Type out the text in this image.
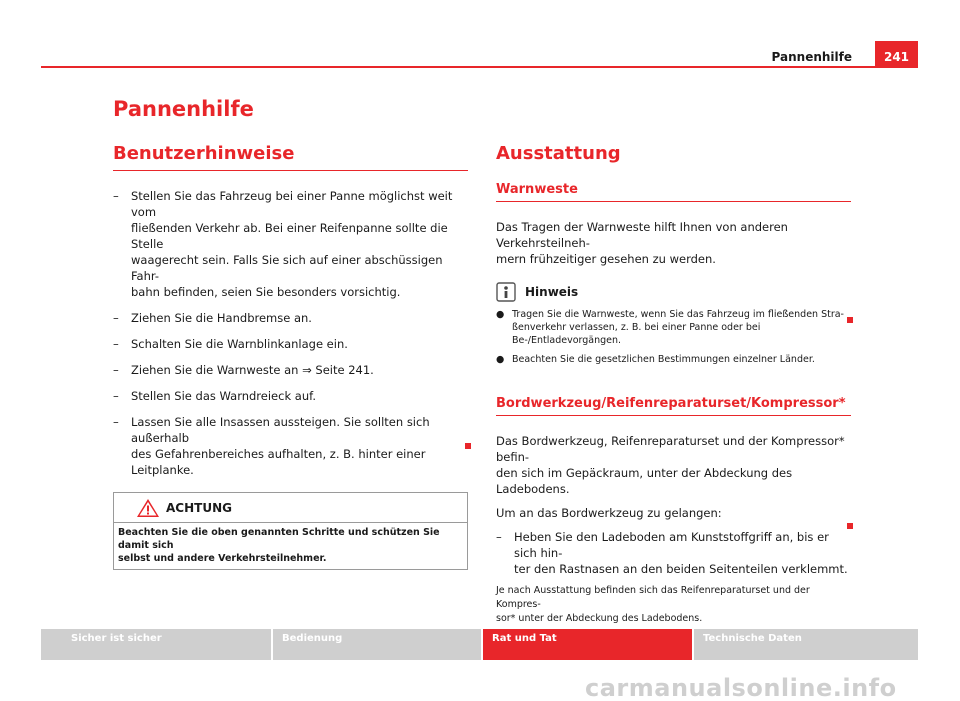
Pannenhilfe	241
Pannenhilfe
Benutzerhinweise
– Stellen Sie das Fahrzeug bei einer Panne möglichst weit vom
fließenden Verkehr ab. Bei einer Reifenpanne sollte die Stelle
waagerecht sein. Falls Sie sich auf einer abschüssigen Fahr-
bahn befinden, seien Sie besonders vorsichtig.
– Ziehen Sie die Handbremse an.
– Schalten Sie die Warnblinkanlage ein.
– Ziehen Sie die Warnweste an ⇒ Seite 241.
– Stellen Sie das Warndreieck auf.
– Lassen Sie alle Insassen aussteigen. Sie sollten sich außerhalb
des Gefahrenbereiches aufhalten, z. B. hinter einer Leitplanke.
ACHTUNG
Beachten Sie die oben genannten Schritte und schützen Sie damit sich
selbst und andere Verkehrsteilnehmer.
Ausstattung
Warnweste

Das Tragen der Warnweste hilft Ihnen von anderen Verkehrsteilneh-
mern frühzeitiger gesehen zu werden.

Hinweis
● Tragen Sie die Warnweste, wenn Sie das Fahrzeug im fließenden Stra-
ßenverkehr verlassen, z. B. bei einer Panne oder bei Be-/Entladevorgängen.
● Beachten Sie die gesetzlichen Bestimmungen einzelner Länder.
Bordwerkzeug/Reifenreparaturset/Kompressor*

Das Bordwerkzeug, Reifenreparaturset und der Kompressor* befin-
den sich im Gepäckraum, unter der Abdeckung des Ladebodens.

Um an das Bordwerkzeug zu gelangen:

– Heben Sie den Ladeboden am Kunststoffgriff an, bis er sich hin-
ter den Rastnasen an den beiden Seitenteilen verklemmt.

Je nach Ausstattung befinden sich das Reifenreparaturset und der Kompres-
sor* unter der Abdeckung des Ladebodens.

Sicher ist sicher	Bedienung	Rat und Tat	Technische Daten
carmanualsonline.info
